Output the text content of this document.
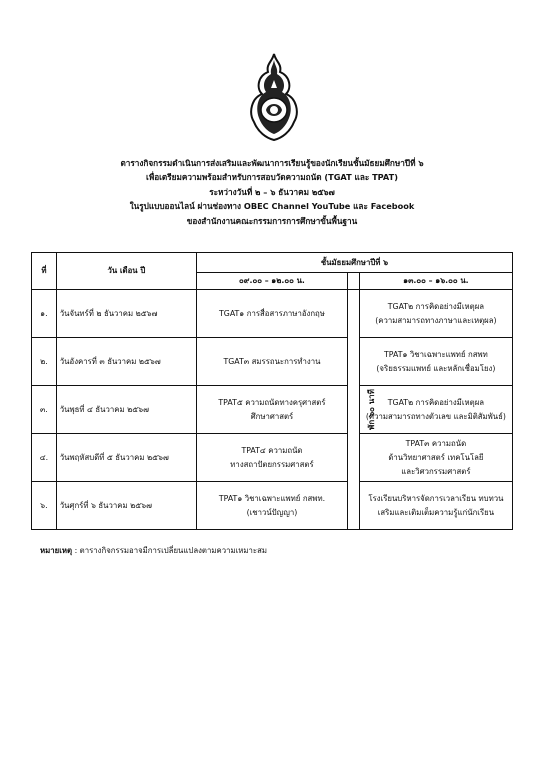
ตารางกิจกรรมดำเนินการส่งเสริมและพัฒนาการเรียนรู้ของนักเรียนชั้นมัธยมศึกษาปีที่ ๖
เพื่อเตรียมความพร้อมสำหรับการสอบวัดความถนัด (TGAT และ TPAT)
ระหว่างวันที่ ๒ – ๖ ธันวาคม ๒๕๖๗
ในรูปแบบออนไลน์ ผ่านช่องทาง OBEC Channel YouTube และ Facebook
ของสำนักงานคณะกรรมการการศึกษาขั้นพื้นฐาน
ที่	วัน เดือน ปี	ชั้นมัธยมศึกษาปีที่ ๖		
		๐๙.๐๐ – ๑๒.๐๐ น.		๑๓.๐๐ – ๑๖.๐๐ น.
๑.	วันจันทร์ที่ ๒ ธันวาคม ๒๕๖๗	TGAT๑ การสื่อสารภาษาอังกฤษ	พัก ๖๐ นาที	TGAT๒ การคิดอย่างมีเหตุผล
(ความสามารถทางภาษาและเหตุผล)

๒.	วันอังคารที่ ๓ ธันวาคม ๒๕๖๗	TGAT๓ สมรรถนะการทำงาน		TPAT๑ วิชาเฉพาะแพทย์ กสพท
(จริยธรรมแพทย์ และหลักเชื่อมโยง)

๓.	วันพุธที่ ๔ ธันวาคม ๒๕๖๗	TPAT๕ ความถนัดทางครุศาสตร์
ศึกษาศาสตร์		TGAT๒ การคิดอย่างมีเหตุผล
(ความสามารถทางตัวเลข และมิติสัมพันธ์)

๔.	วันพฤหัสบดีที่ ๕ ธันวาคม ๒๕๖๗	TPAT๔ ความถนัด
ทางสถาปัตยกรรมศาสตร์		TPAT๓ ความถนัด
ด้านวิทยาศาสตร์ เทคโนโลยี
และวิศวกรรมศาสตร์

๖.	วันศุกร์ที่ ๖ ธันวาคม ๒๕๖๗	TPAT๑ วิชาเฉพาะแพทย์ กสพท.
(เชาวน์ปัญญา)		โรงเรียนบริหารจัดการเวลาเรียน ทบทวน
เสริมและเติมเต็มความรู้แก่นักเรียน
หมายเหตุ : ตารางกิจกรรมอาจมีการเปลี่ยนแปลงตามความเหมาะสม
